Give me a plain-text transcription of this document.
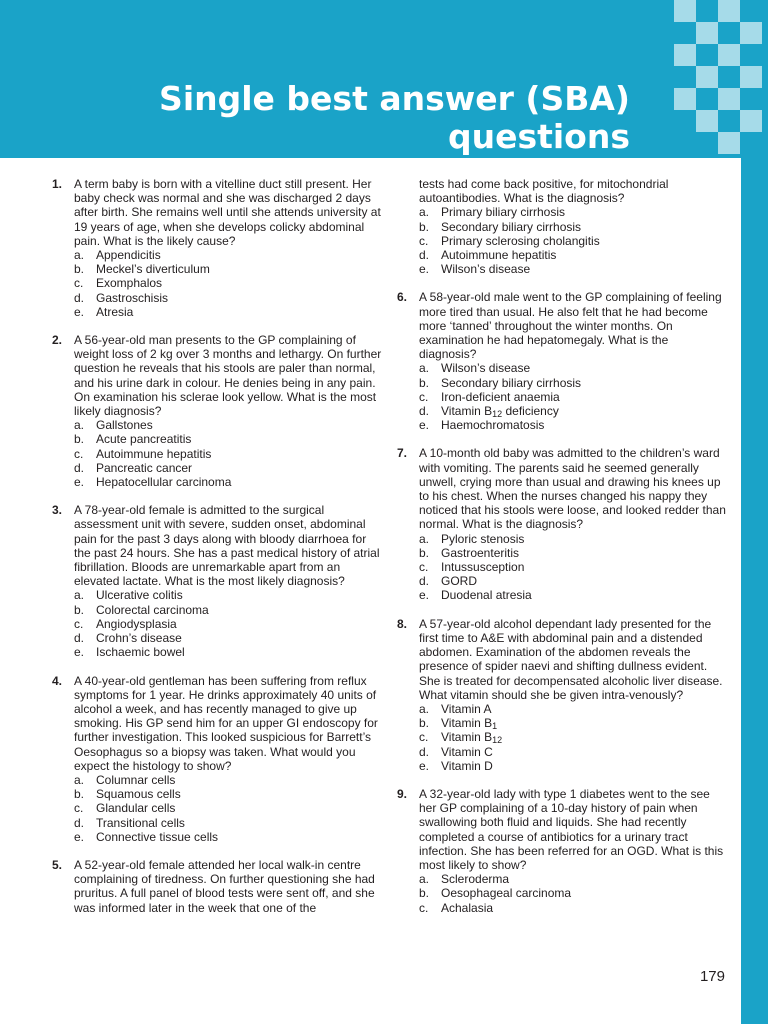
Single best answer (SBA)
questions
1. A term baby is born with a vitelline duct still present. Her baby check was normal and she was discharged 2 days after birth. She remains well until she attends university at 19 years of age, when she develops colicky abdominal pain. What is the likely cause?

a. Appendicitis
b. Meckel’s diverticulum
c. Exomphalos
d. Gastroschisis
e. Atresia
2. A 56-year-old man presents to the GP complaining of weight loss of 2 kg over 3 months and lethargy. On further question he reveals that his stools are paler than normal, and his urine dark in colour. He denies being in any pain. On examination his sclerae look yellow. What is the most likely diagnosis?

a. Gallstones
b. Acute pancreatitis
c. Autoimmune hepatitis
d. Pancreatic cancer
e. Hepatocellular carcinoma
3. A 78-year-old female is admitted to the surgical assessment unit with severe, sudden onset, abdominal pain for the past 3 days along with bloody diarrhoea for the past 24 hours. She has a past medical history of atrial fibrillation. Bloods are unremarkable apart from an elevated lactate. What is the most likely diagnosis?

a. Ulcerative colitis
b. Colorectal carcinoma
c. Angiodysplasia
d. Crohn’s disease
e. Ischaemic bowel
4. A 40-year-old gentleman has been suffering from reflux symptoms for 1 year. He drinks approximately 40 units of alcohol a week, and has recently managed to give up smoking. His GP send him for an upper GI endoscopy for further investigation. This looked suspicious for Barrett’s Oesophagus so a biopsy was taken. What would you expect the histology to show?

a. Columnar cells
b. Squamous cells
c. Glandular cells
d. Transitional cells
e. Connective tissue cells
5. A 52-year-old female attended her local walk-in centre complaining of tiredness. On further questioning she had pruritus. A full panel of blood tests were sent off, and she was informed later in the week that one of the

tests had come back positive, for mitochondrial autoantibodies. What is the diagnosis?

a. Primary biliary cirrhosis
b. Secondary biliary cirrhosis
c. Primary sclerosing cholangitis
d. Autoimmune hepatitis
e. Wilson’s disease
6. A 58-year-old male went to the GP complaining of feeling more tired than usual. He also felt that he had become more ‘tanned’ throughout the winter months. On examination he had hepatomegaly. What is the diagnosis?

a. Wilson’s disease
b. Secondary biliary cirrhosis
c. Iron-deficient anaemia
d. Vitamin $B_{12}$ deficiency
e. Haemochromatosis
7. A 10-month old baby was admitted to the children’s ward with vomiting. The parents said he seemed generally unwell, crying more than usual and drawing his knees up to his chest. When the nurses changed his nappy they noticed that his stools were loose, and looked redder than normal. What is the diagnosis?

a. Pyloric stenosis
b. Gastroenteritis
c. Intussusception
d. GORD
e. Duodenal atresia
8. A 57-year-old alcohol dependant lady presented for the first time to A&E with abdominal pain and a distended abdomen. Examination of the abdomen reveals the presence of spider naevi and shifting dullness evident. She is treated for decompensated alcoholic liver disease. What vitamin should she be given intra-venously?

a. Vitamin A
b. Vitamin $B_1$
c. Vitamin $B_{12}$
d. Vitamin C
e. Vitamin D
9. A 32-year-old lady with type 1 diabetes went to the see her GP complaining of a 10-day history of pain when swallowing both fluid and liquids. She had recently completed a course of antibiotics for a urinary tract infection. She has been referred for an OGD. What is this most likely to show?

a. Scleroderma
b. Oesophageal carcinoma
c. Achalasia
179
